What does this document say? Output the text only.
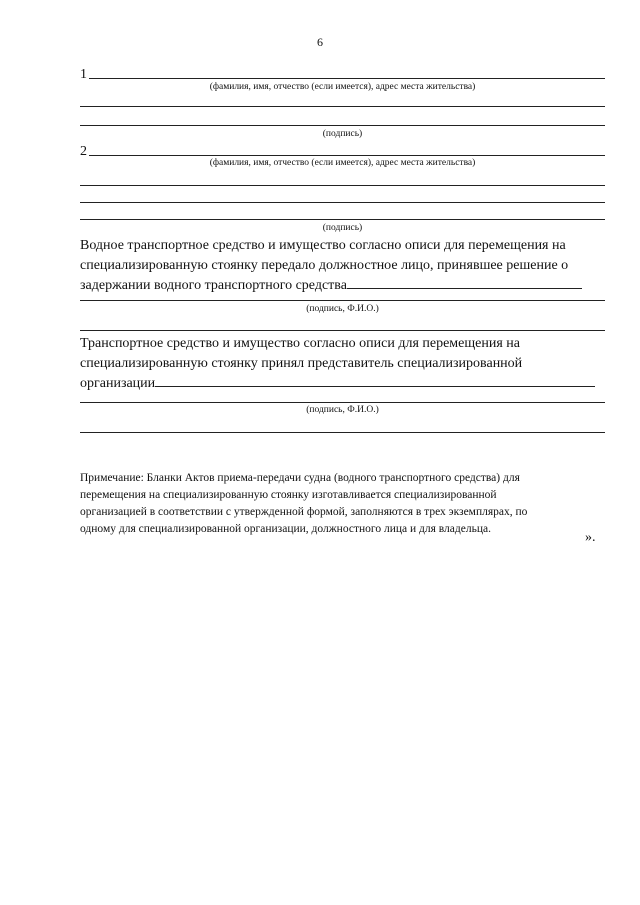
6
1
(фамилия, имя, отчество (если имеется), адрес места жительства)
(подпись)
2
(фамилия, имя, отчество (если имеется), адрес места жительства)
(подпись)
Водное транспортное средство и имущество согласно описи для перемещения на
специализированную стоянку передало должностное лицо, принявшее решение о
задержании водного транспортного средства
(подпись, Ф.И.О.)
Транспортное средство и имущество согласно описи для перемещения на
специализированную стоянку принял представитель специализированной
организации
(подпись, Ф.И.О.)
Примечание: Бланки Актов приема-передачи судна (водного транспортного средства) для
перемещения на специализированную стоянку изготавливается специализированной
организацией в соответствии с утвержденной формой, заполняются в трех экземплярах, по
одному для специализированной организации, должностного лица и для владельца.
».
